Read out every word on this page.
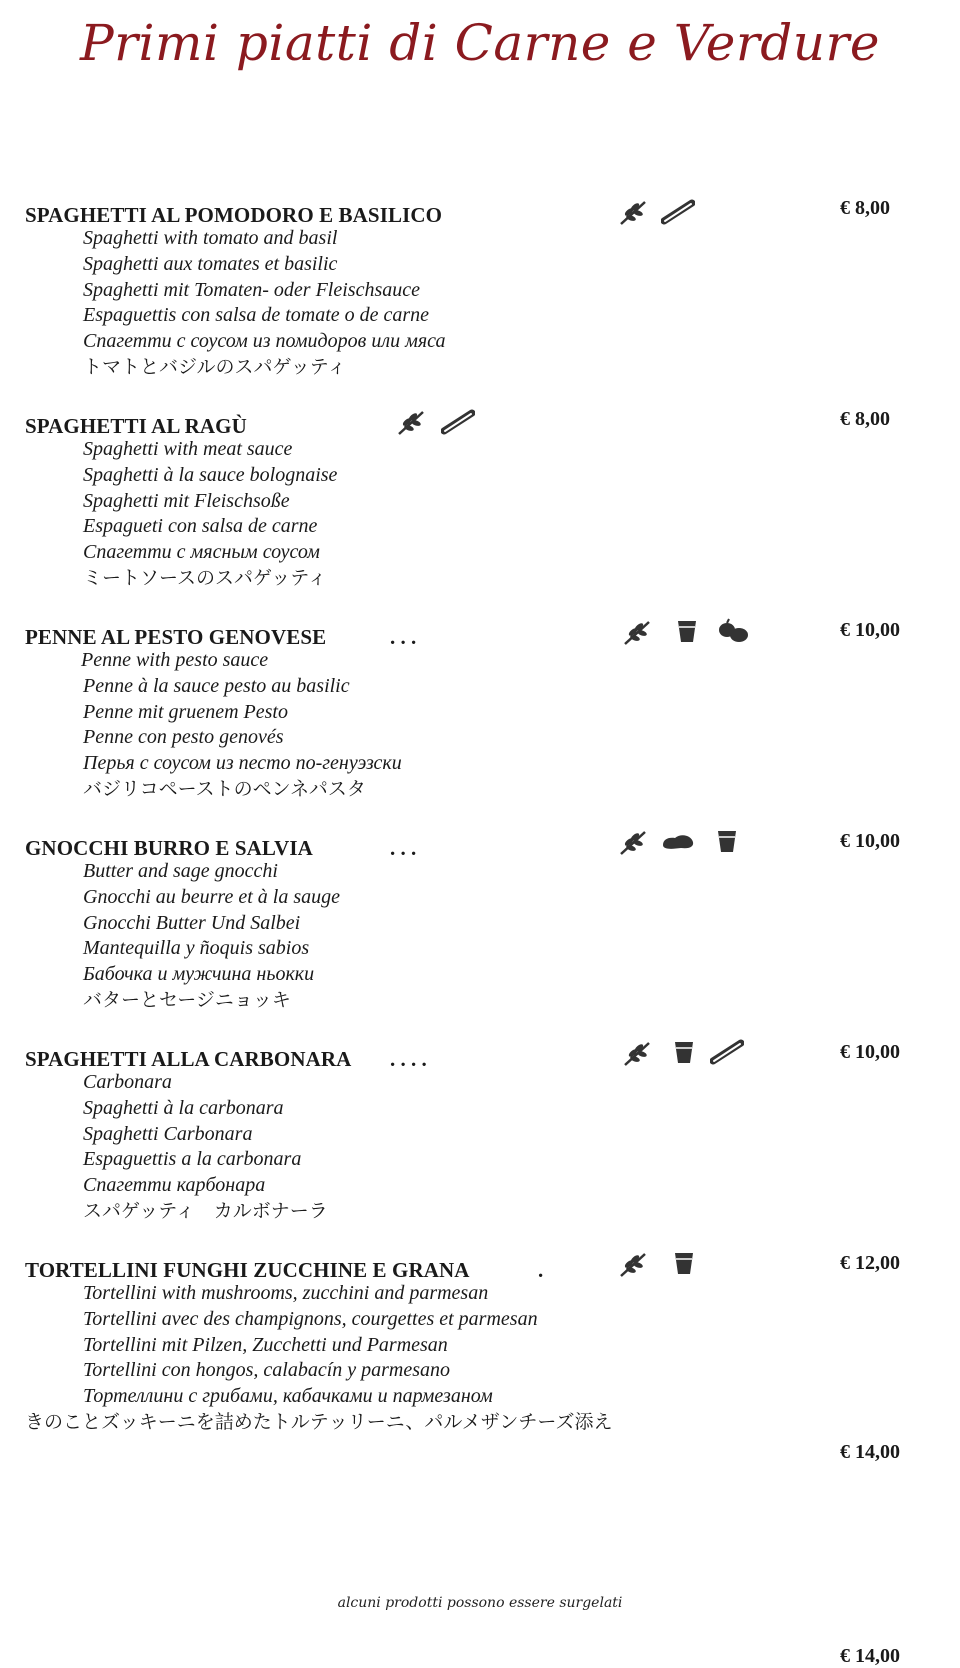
Primi piatti di Carne e Verdure
SPAGHETTI AL POMODORO E BASILICO
Spaghetti with tomato and basil
Spaghetti aux tomates et basilic
Spaghetti mit Tomaten- oder Fleischsauce
Espaguettis con salsa de tomate o de carne
Спагетти с соусом из помидоров или мяса
トマトとバジルのスパゲッティ
€ 8,00
SPAGHETTI AL RAGÙ
Spaghetti with meat sauce
Spaghetti à la sauce bolognaise
Spaghetti mit Fleischsoße
Espagueti con salsa de carne
Спагетти с мясным соусом
ミートソースのスパゲッティ
€ 8,00
PENNE AL PESTO GENOVESE	. . .
Penne with pesto sauce
Penne à la sauce pesto au basilic
Penne mit gruenem Pesto
Penne con pesto genovés
Перья с соусом из песто по-генуэзски
バジリコペーストのペンネパスタ
€ 10,00
GNOCCHI BURRO E SALVIA	. . .
Butter and sage gnocchi
Gnocchi au beurre et à la sauge
Gnocchi Butter Und Salbei
Mantequilla y ñoquis sabios
Бабочка и мужчина ньокки
バターとセージニョッキ
€ 10,00
SPAGHETTI ALLA CARBONARA . . . .
Carbonara
Spaghetti à la carbonara
Spaghetti Carbonara
Espaguettis a la carbonara
Спагетти карбонара
スパゲッティ　カルボナーラ
€ 10,00
TORTELLINI FUNGHI ZUCCHINE E GRANA	.
Tortellini with mushrooms, zucchini and parmesan
Tortellini avec des champignons, courgettes et parmesan
Tortellini mit Pilzen, Zucchetti und Parmesan
Tortellini con hongos, calabacín y parmesano
Тортеллини с грибами, кабачками и пармезаном
きのことズッキーニを詰めたトルテッリーニ、パルメザンチーズ添え
€ 12,00
€ 14,00
alcuni prodotti possono essere surgelati
€ 14,00
